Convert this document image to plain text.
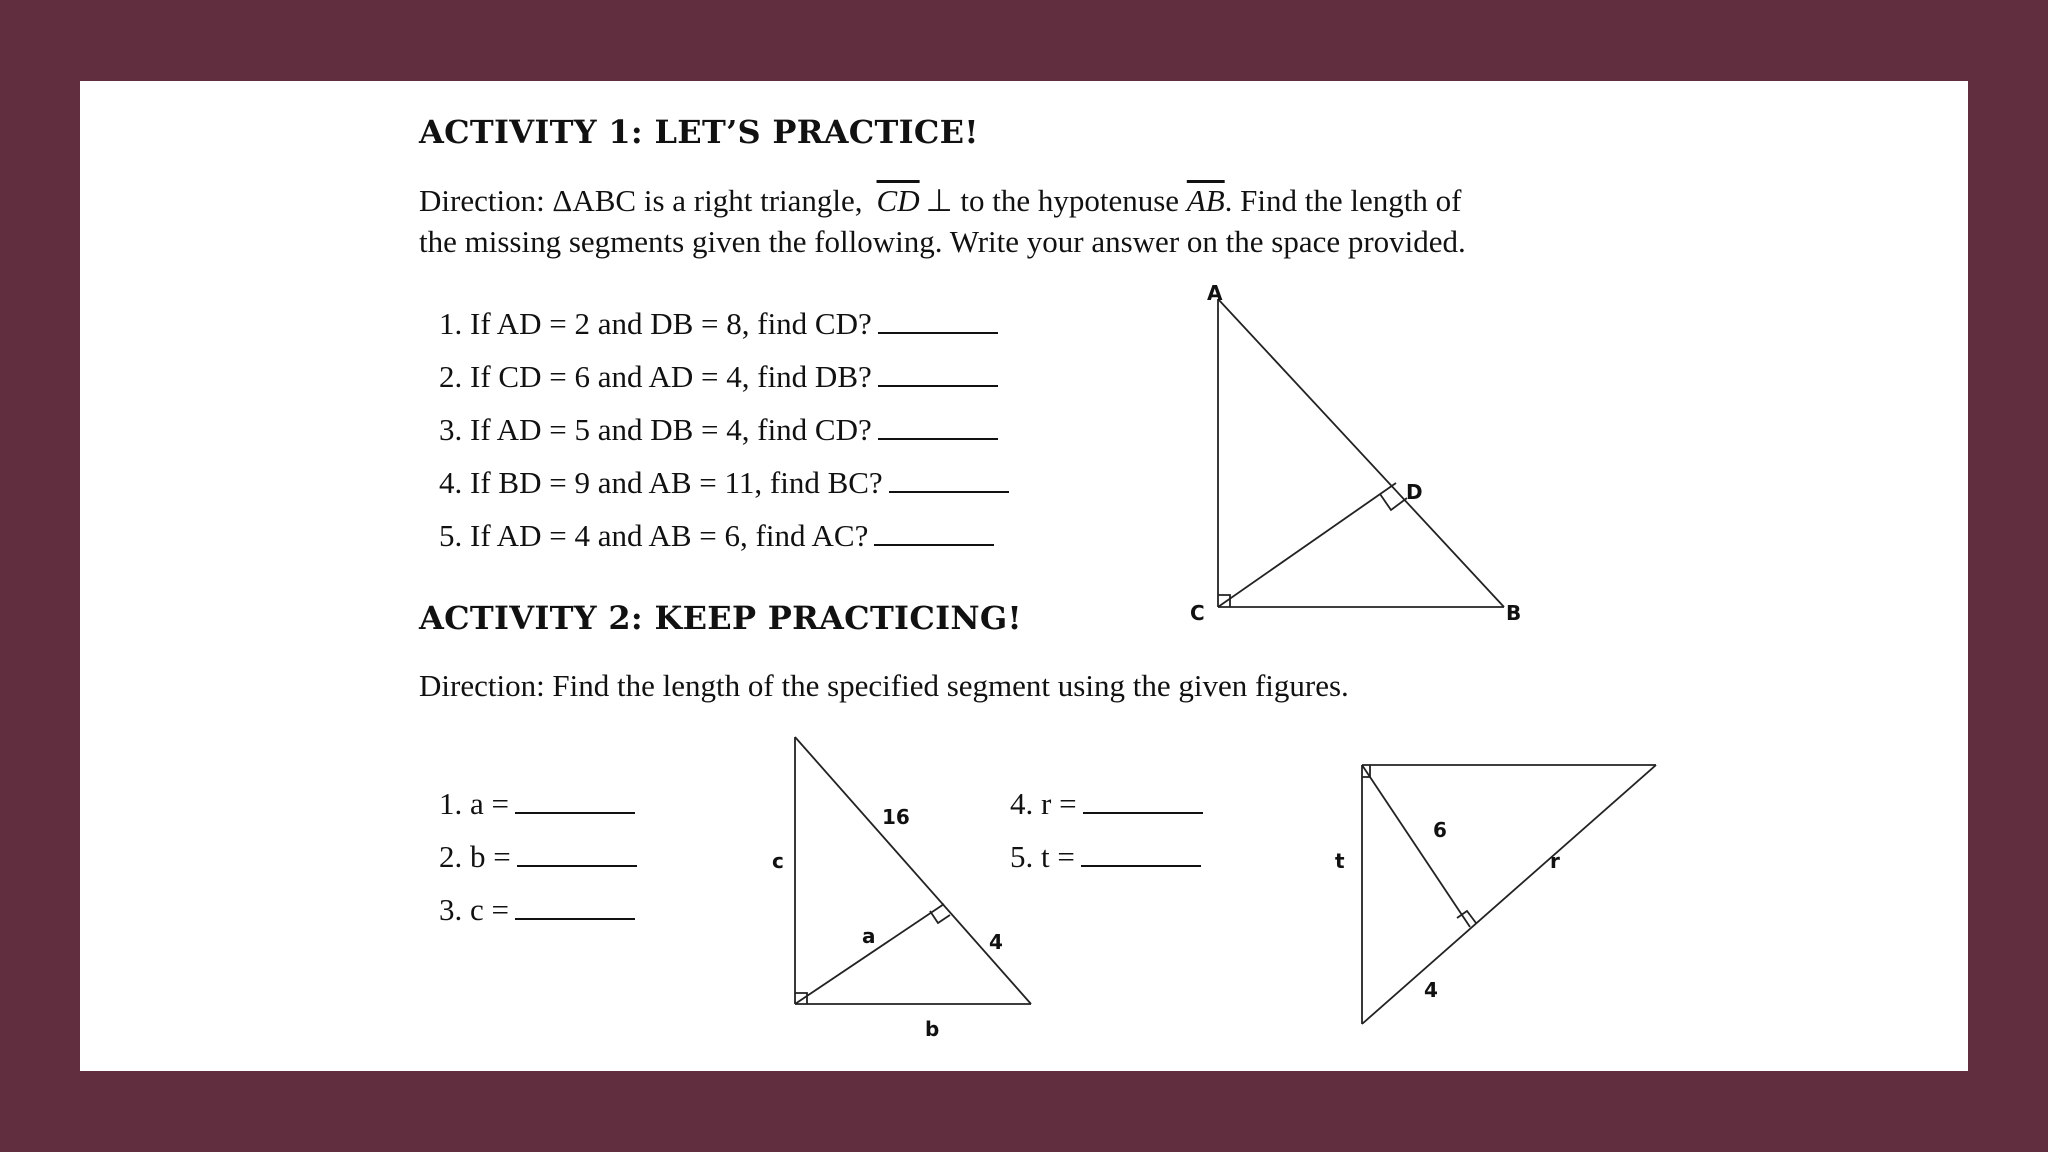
ACTIVITY 1: LET’S PRACTICE!
Direction: ΔABC is a right triangle, $\overline{CD}$ ⊥ to the hypotenuse $\overline{AB}$. Find the length of
the missing segments given the following. Write your answer on the space provided.
1. If AD = 2 and DB = 8, find CD?
2. If CD = 6 and AD = 4, find DB?
3. If AD = 5 and DB = 4, find CD?
4. If BD = 9 and AB = 11, find BC?
5. If AD = 4 and AB = 6, find AC?
A
D
C	B
ACTIVITY 2: KEEP PRACTICING!
Direction: Find the length of the specified segment using the given figures.
1. a =
2. b =
3. c =
4. r =
5. t =
16
4
c
a
b
6
t	r
4
